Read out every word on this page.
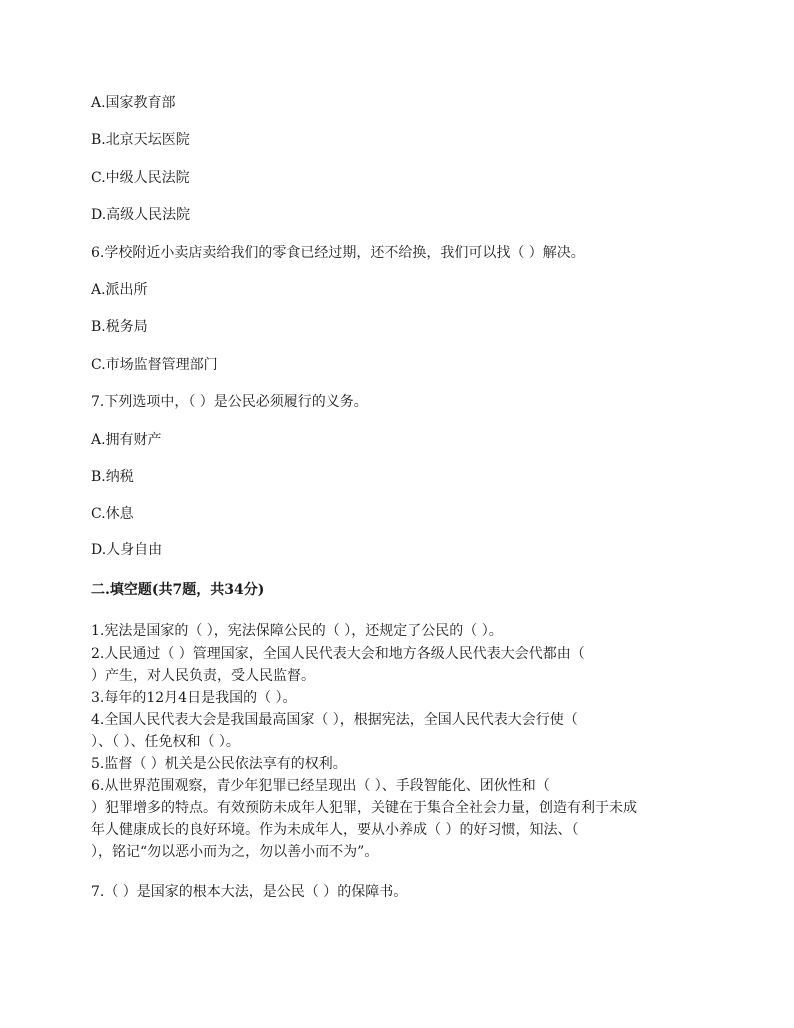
A.国家教育部
B.北京天坛医院
C.中级人民法院
D.高级人民法院
6.学校附近小卖店卖给我们的零食已经过期，还不给换，我们可以找（ ）解决。
A.派出所
B.税务局
C.市场监督管理部门
7.下列选项中，（ ）是公民必须履行的义务。
A.拥有财产
B.纳税
C.休息
D.人身自由
二.填空题(共7题，共34分)
1.宪法是国家的（ ），宪法保障公民的（ ），还规定了公民的（ ）。
2.人民通过（ ）管理国家，全国人民代表大会和地方各级人民代表大会代都由（
）产生，对人民负责，受人民监督。
3.每年的12月4日是我国的（ ）。
4.全国人民代表大会是我国最高国家（ ），根据宪法，全国人民代表大会行使（
）、（ ）、任免权和（ ）。
5.监督（ ）机关是公民依法享有的权利。
6.从世界范围观察，青少年犯罪已经呈现出（ ）、手段智能化、团伙性和（
）犯罪增多的特点。有效预防未成年人犯罪，关键在于集合全社会力量，创造有利于未成
年人健康成长的良好环境。作为未成年人，要从小养成（ ）的好习惯，知法、（
），铭记“勿以恶小而为之，勿以善小而不为”。
7.（ ）是国家的根本大法，是公民（ ）的保障书。
